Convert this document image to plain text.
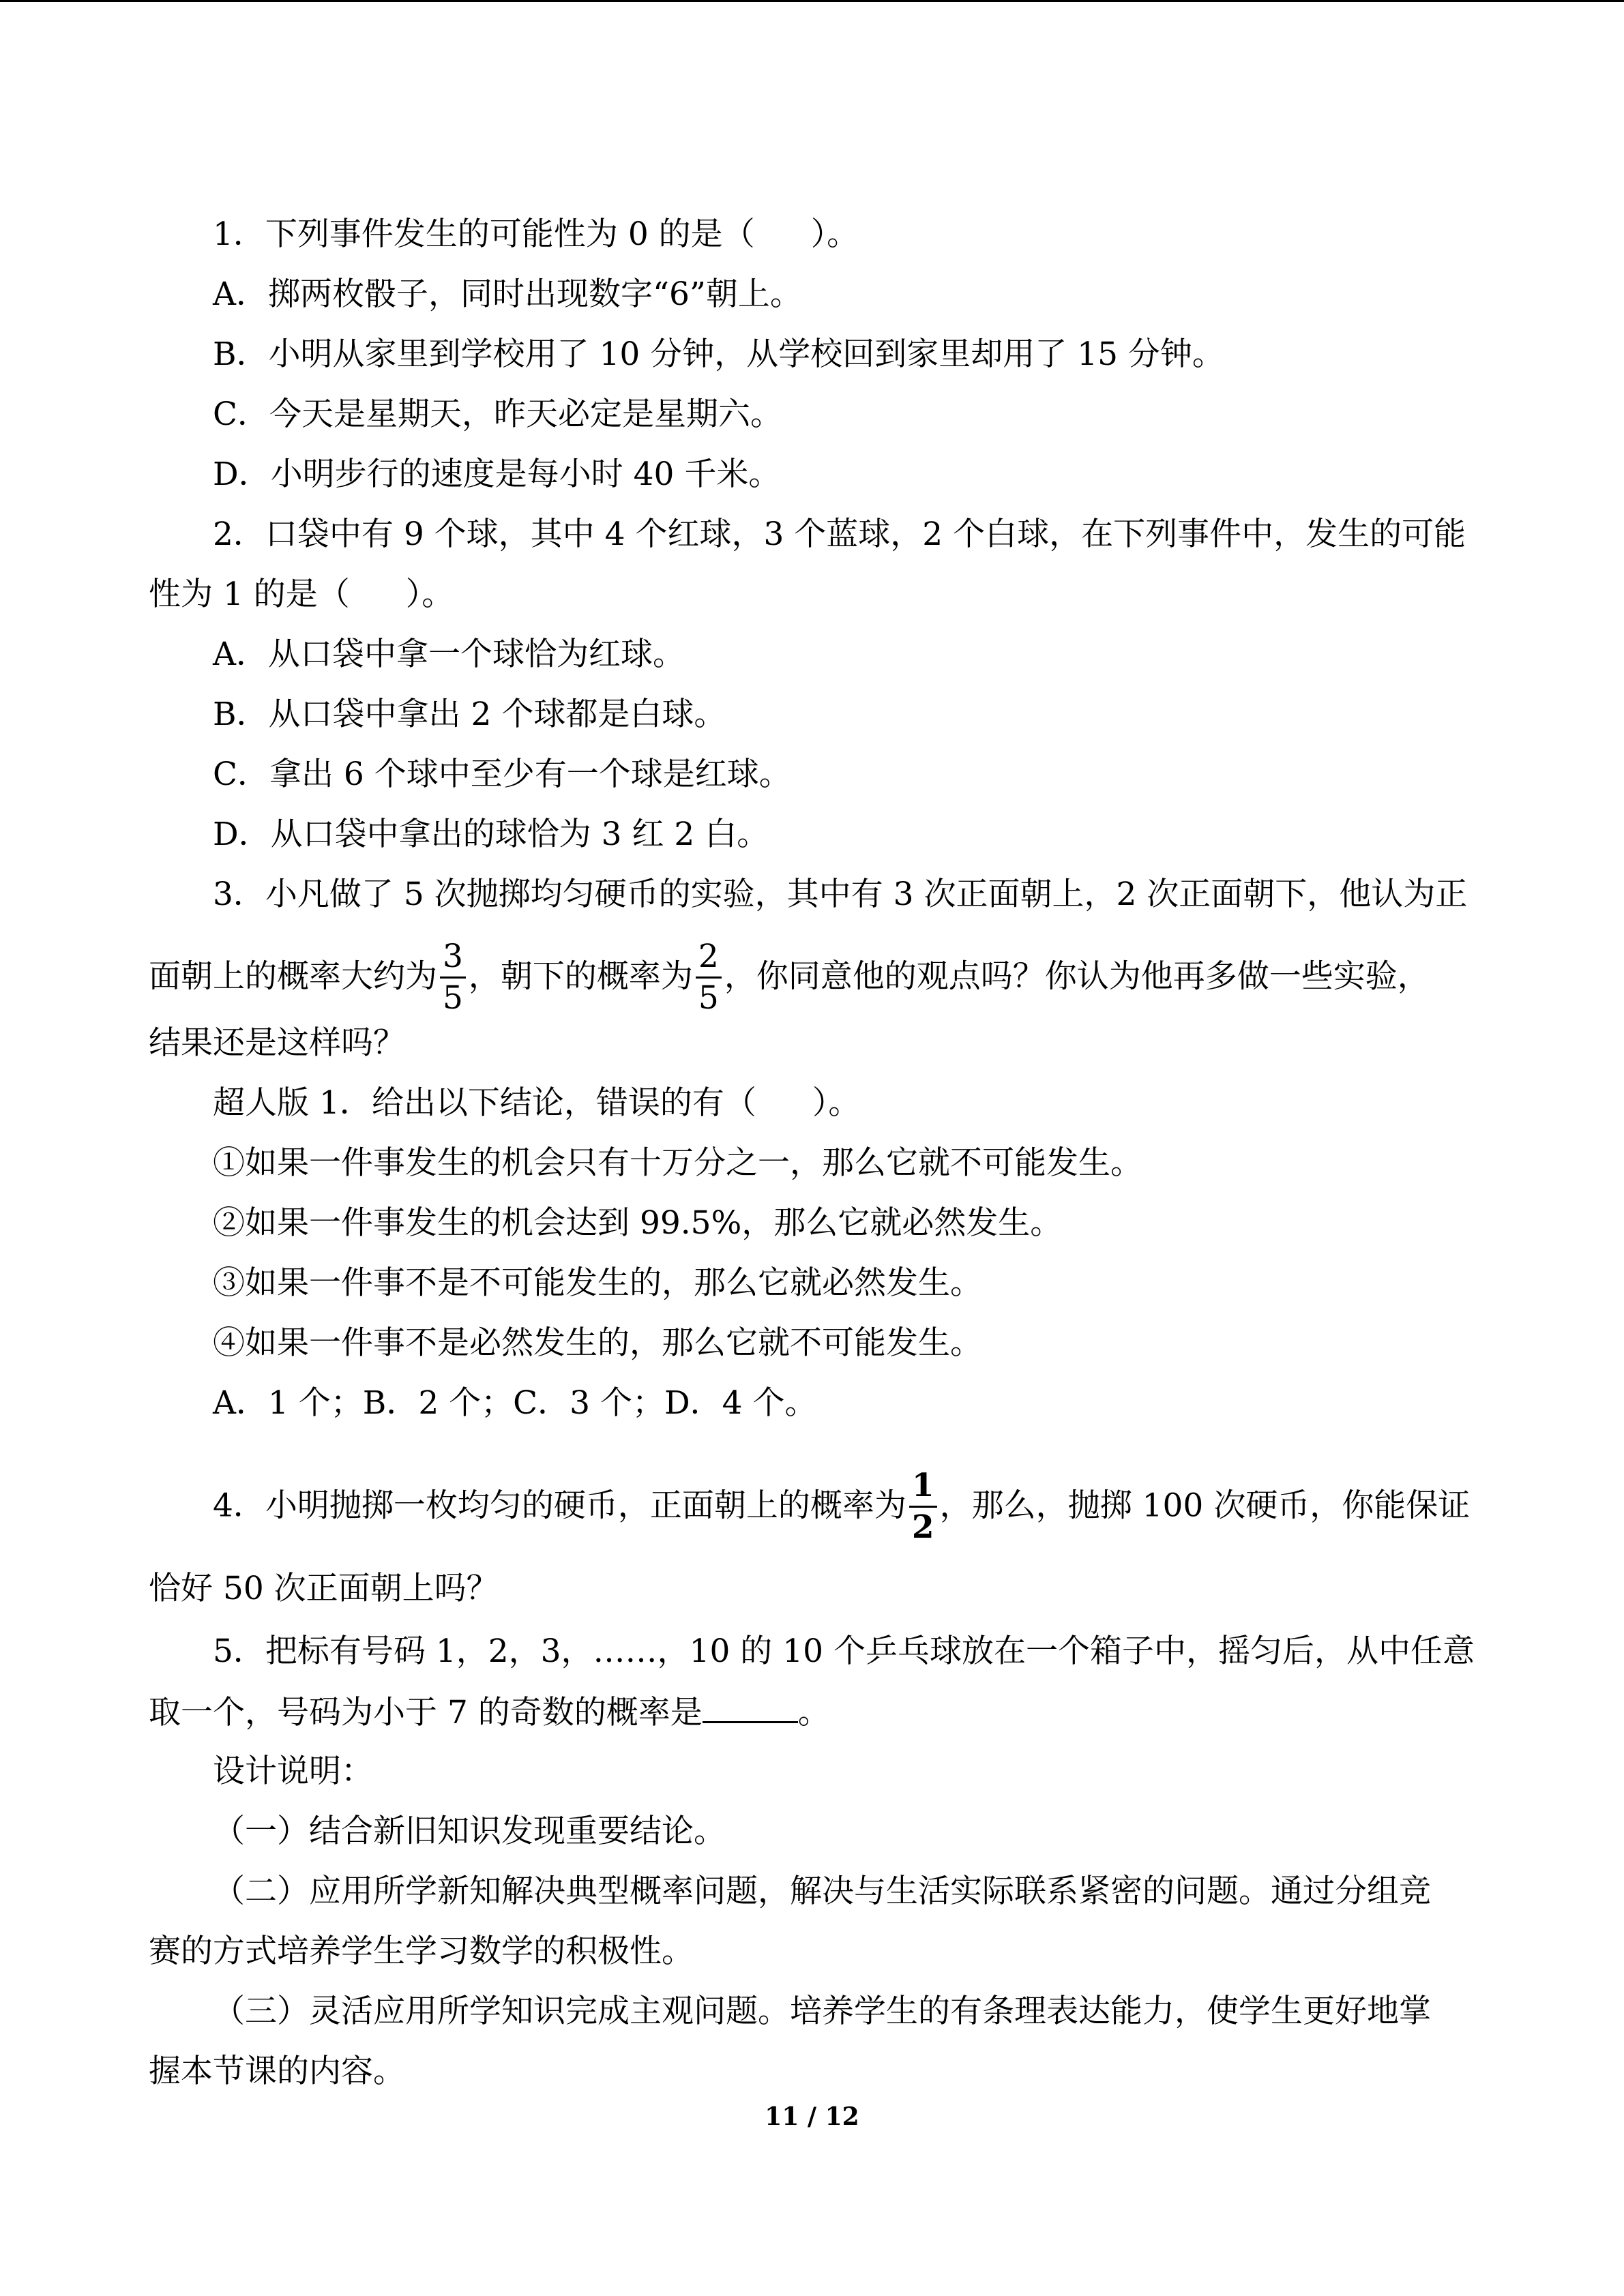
1．下列事件发生的可能性为 0 的是（ ）。
A．掷两枚骰子，同时出现数字“6”朝上。
B．小明从家里到学校用了 10 分钟，从学校回到家里却用了 15 分钟。
C．今天是星期天，昨天必定是星期六。
D．小明步行的速度是每小时 40 千米。
2．口袋中有 9 个球，其中 4 个红球，3 个蓝球，2 个白球，在下列事件中，发生的可能
性为 1 的是（ ）。
A．从口袋中拿一个球恰为红球。
B．从口袋中拿出 2 个球都是白球。
C．拿出 6 个球中至少有一个球是红球。
D．从口袋中拿出的球恰为 3 红 2 白。
3．小凡做了 5 次抛掷均匀硬币的实验，其中有 3 次正面朝上，2 次正面朝下，他认为正
面朝上的概率大约为 $\frac{3}{5}$ ，朝下的概率为 $\frac{2}{5}$ ，你同意他的观点吗？你认为他再多做一些实验，
结果还是这样吗？
超人版 1．给出以下结论，错误的有（ ）。
①如果一件事发生的机会只有十万分之一，那么它就不可能发生。
②如果一件事发生的机会达到 99.5%，那么它就必然发生。
③如果一件事不是不可能发生的，那么它就必然发生。
④如果一件事不是必然发生的，那么它就不可能发生。
A．1 个；B．2 个；C．3 个；D．4 个。
4．小明抛掷一枚均匀的硬币，正面朝上的概率为 $\frac{1}{2}$ ，那么，抛掷 100 次硬币，你能保证
恰好 50 次正面朝上吗？
5．把标有号码 1，2，3，……，10 的 10 个乒乓球放在一个箱子中，摇匀后，从中任意
取一个，号码为小于 7 的奇数的概率是	。
设计说明：
（一）结合新旧知识发现重要结论。
（二）应用所学新知解决典型概率问题，解决与生活实际联系紧密的问题。通过分组竞
赛的方式培养学生学习数学的积极性。
（三）灵活应用所学知识完成主观问题。培养学生的有条理表达能力，使学生更好地掌
握本节课的内容。
11 / 12
